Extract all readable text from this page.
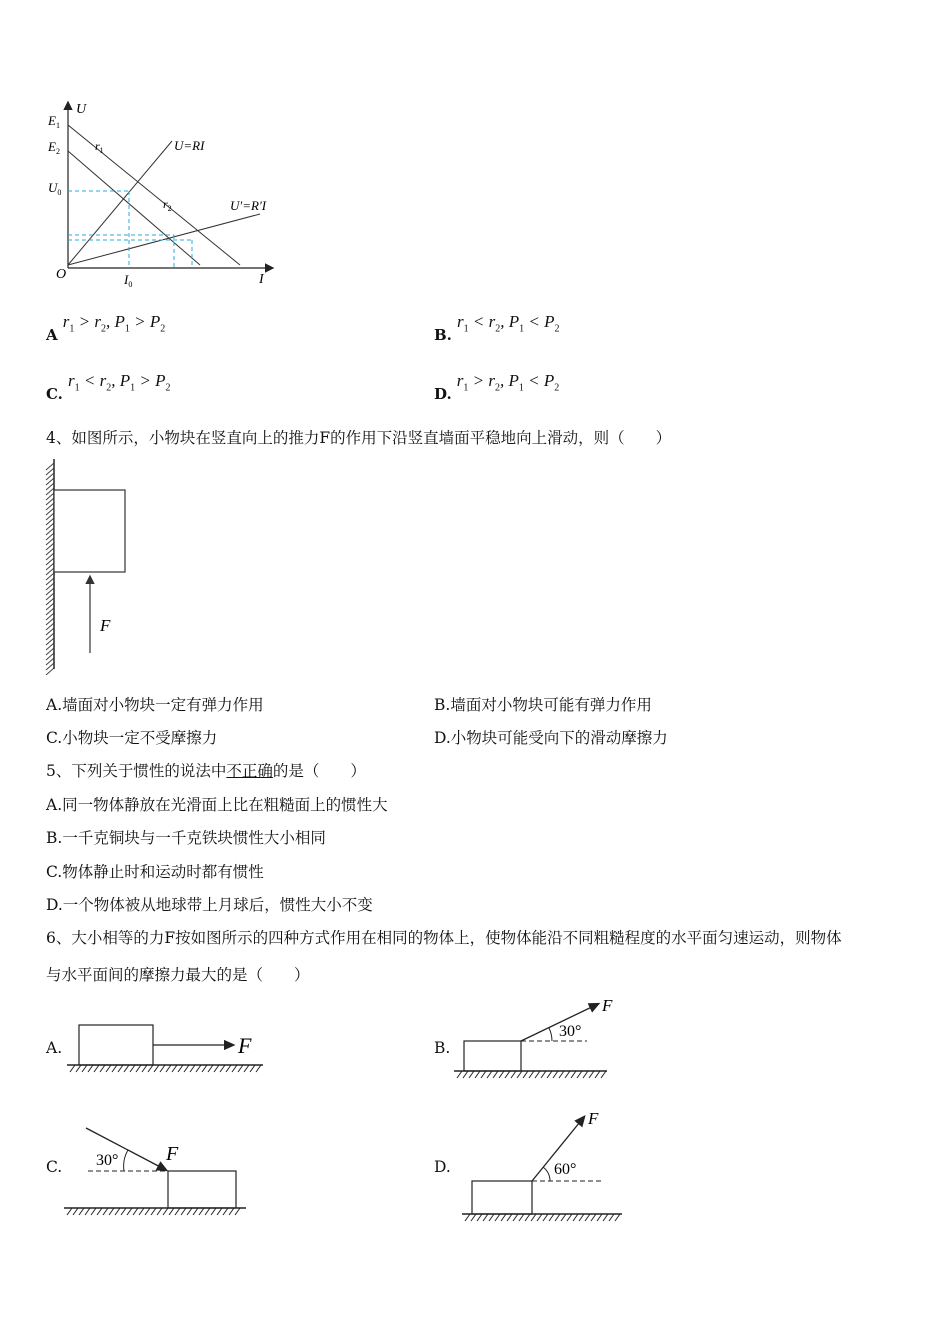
U
I
O
$E_1$
$E_2$
$U_0$
$I_0$
$r_1$
$r_2$
U=RI
U′=R′I
A $r_1 > r_2$, $P_1 > P_2$	B. $r_1 < r_2$, $P_1 < P_2$
C. $r_1 < r_2$, $P_1 > P_2$	D. $r_1 > r_2$, $P_1 < P_2$
4、如图所示，小物块在竖直向上的推力F的作用下沿竖直墙面平稳地向上滑动，则（　　）
F
A.墙面对小物块一定有弹力作用	B.墙面对小物块可能有弹力作用
C.小物块一定不受摩擦力	D.小物块可能受向下的滑动摩擦力
5、下列关于惯性的说法中不正确的是（　　）
A.同一物体静放在光滑面上比在粗糙面上的惯性大
B.一千克铜块与一千克铁块惯性大小相同
C.物体静止时和运动时都有惯性
D.一个物体被从地球带上月球后，惯性大小不变
6、大小相等的力F按如图所示的四种方式作用在相同的物体上，使物体能沿不同粗糙程度的水平面匀速运动，则物体
与水平面间的摩擦力最大的是（　　）
A.	F	B.
30°
F
C. 30° F
D.	60°
F
